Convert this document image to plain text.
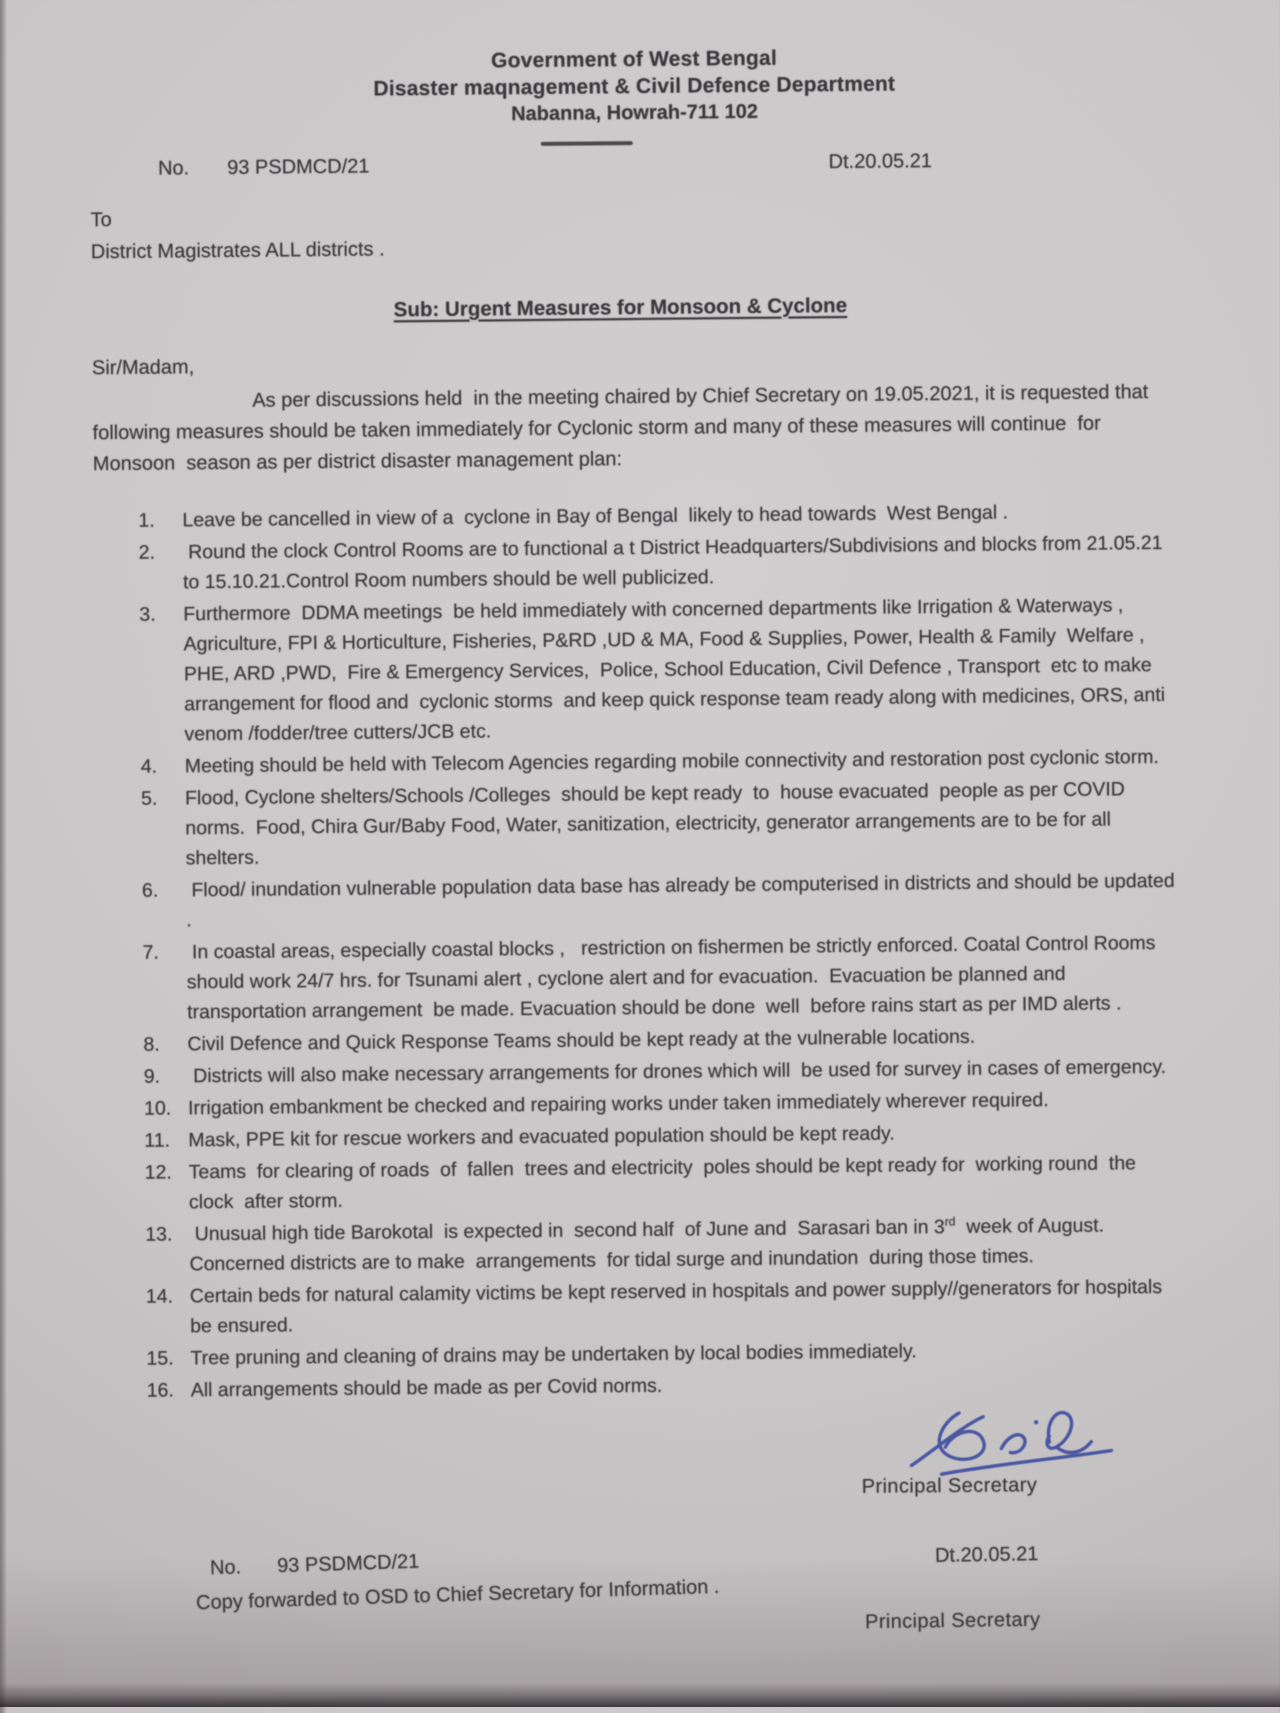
Government of West Bengal
Disaster maqnagement & Civil Defence Department
Nabanna, Howrah-711 102
No. 93 PSDMCD/21	Dt.20.05.21
To
District Magistrates ALL districts .
Sub: Urgent Measures for Monsoon & Cyclone
Sir/Madam,
As per discussions held  in the meeting chaired by Chief Secretary on 19.05.2021, it is requested that following measures should be taken immediately for Cyclonic storm and many of these measures will continue  for Monsoon  season as per district disaster management plan:
1.	Leave be cancelled in view of a  cyclone in Bay of Bengal  likely to head towards  West Bengal .
2.	Round the clock Control Rooms are to functional a t District Headquarters/Subdivisions and blocks from 21.05.21 to 15.10.21.Control Room numbers should be well publicized.
3.	Furthermore  DDMA meetings  be held immediately with concerned departments like Irrigation & Waterways , Agriculture, FPI & Horticulture, Fisheries, P&RD ,UD & MA, Food & Supplies, Power, Health & Family  Welfare , PHE, ARD ,PWD,  Fire & Emergency Services,  Police, School Education, Civil Defence , Transport  etc to make arrangement for flood and  cyclonic storms  and keep quick response team ready along with medicines, ORS, anti venom /fodder/tree cutters/JCB etc.
4.	Meeting should be held with Telecom Agencies regarding mobile connectivity and restoration post cyclonic storm.
5.	Flood, Cyclone shelters/Schools /Colleges  should be kept ready  to  house evacuated  people as per COVID  norms.  Food, Chira Gur/Baby Food, Water, sanitization, electricity, generator arrangements are to be for all shelters.
6.	Flood/ inundation vulnerable population data base has already be computerised in districts and should be updated  .
7.	In coastal areas, especially coastal blocks ,   restriction on fishermen be strictly enforced. Coatal Control Rooms should work 24/7 hrs. for Tsunami alert , cyclone alert and for evacuation.  Evacuation be planned and transportation arrangement  be made. Evacuation should be done  well  before rains start as per IMD alerts .
8.	Civil Defence and Quick Response Teams should be kept ready at the vulnerable locations.
9.	Districts will also make necessary arrangements for drones which will  be used for survey in cases of emergency.
10. Irrigation embankment be checked and repairing works under taken immediately wherever required.
11. Mask, PPE kit for rescue workers and evacuated population should be kept ready.
12. Teams  for clearing of roads  of  fallen  trees and electricity  poles should be kept ready for  working round  the clock  after storm.
13. Unusual high tide Barokotal  is expected in  second half  of June and  Sarasari ban in 3rd  week of August.   Concerned districts are to make  arrangements  for tidal surge and inundation  during those times.
14. Certain beds for natural calamity victims be kept reserved in hospitals and power supply//generators for hospitals be ensured.
15. Tree pruning and cleaning of drains may be undertaken by local bodies immediately.
16. All arrangements should be made as per Covid norms.
Principal Secretary
No. 93 PSDMCD/21	Dt.20.05.21
Copy forwarded to OSD to Chief Secretary for Information .
Principal Secretary
